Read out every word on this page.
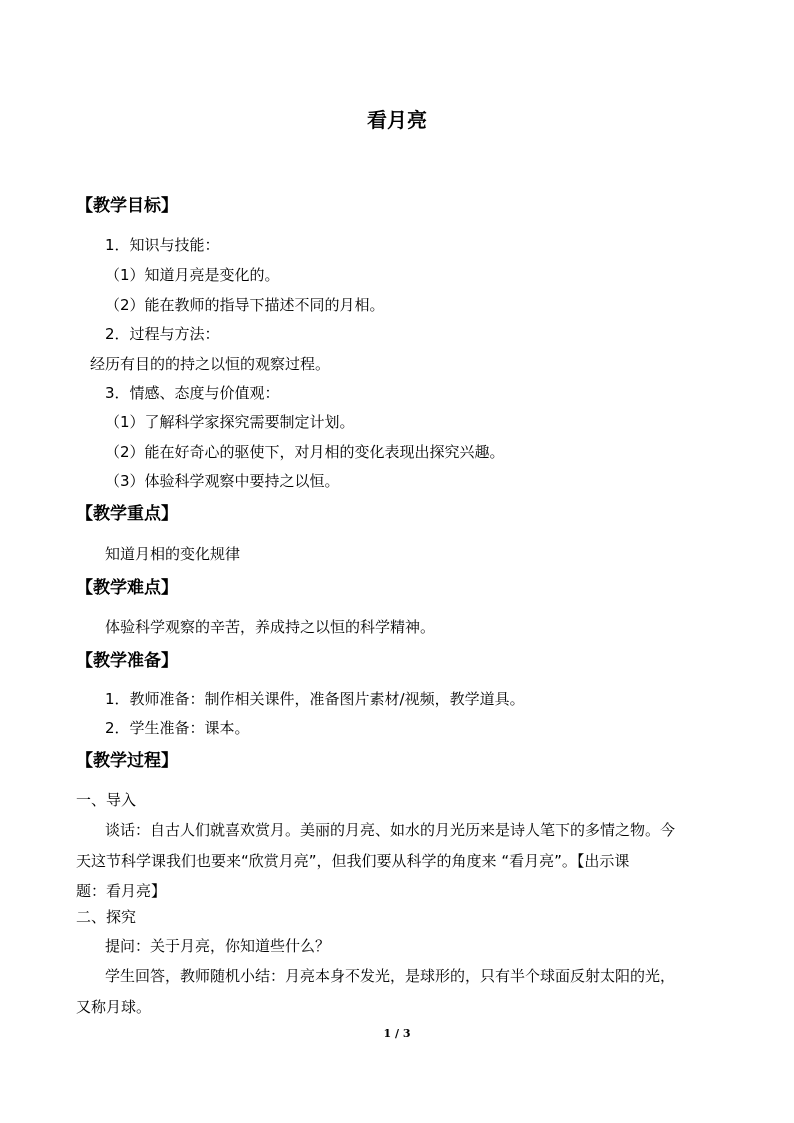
看月亮
【教学目标】
1．知识与技能：
（1）知道月亮是变化的。
（2）能在教师的指导下描述不同的月相。
2．过程与方法：
经历有目的的持之以恒的观察过程。
3．情感、态度与价值观：
（1）了解科学家探究需要制定计划。
（2）能在好奇心的驱使下，对月相的变化表现出探究兴趣。
（3）体验科学观察中要持之以恒。
【教学重点】
知道月相的变化规律
【教学难点】
体验科学观察的辛苦，养成持之以恒的科学精神。
【教学准备】
1．教师准备：制作相关课件，准备图片素材/视频，教学道具。
2．学生准备：课本。
【教学过程】
一、导入
谈话：自古人们就喜欢赏月。美丽的月亮、如水的月光历来是诗人笔下的多情之物。今
天这节科学课我们也要来“欣赏月亮”，但我们要从科学的角度来 “看月亮”。【出示课
题：看月亮】
二、探究
提问：关于月亮，你知道些什么？
学生回答，教师随机小结：月亮本身不发光，是球形的，只有半个球面反射太阳的光，
又称月球。
1 / 3
